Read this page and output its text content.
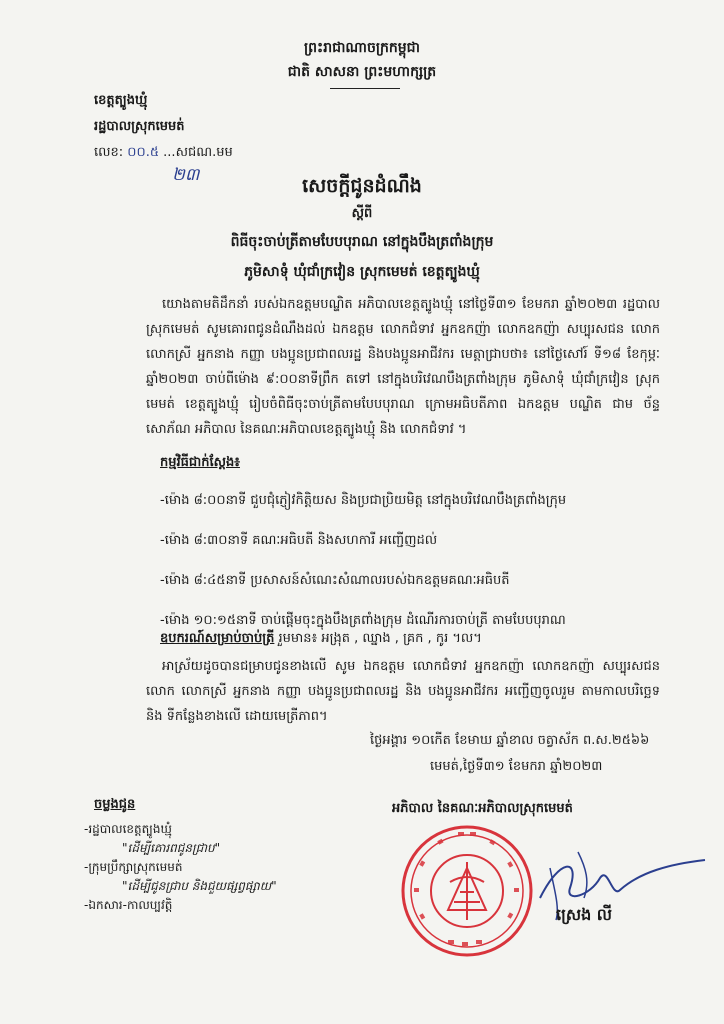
ព្រះរាជាណាចក្រកម្ពុជា
ជាតិ សាសនា ព្រះមហាក្សត្រ
ខេត្តត្បូងឃ្មុំ
រដ្ឋបាលស្រុកមេមត់
លេខ: ០០.៥ ...សជណ.មម
២៣	សេចក្តីជូនដំណឹង
ស្តីពី
ពិធីចុះចាប់ត្រីតាមបែបបុរាណ នៅក្នុងបឹងត្រពាំងក្រុម
ភូមិសាទុំ ឃុំជាំក្រវៀន ស្រុកមេមត់ ខេត្តត្បូងឃ្មុំ
យោងតាមតិដឹកនាំ របស់ឯកឧត្តមបណ្ឌិត អភិបាលខេត្តត្បូងឃ្មុំ នៅថ្ងៃទី៣១ ខែមករា ឆ្នាំ២០២៣ រដ្ឋបាលស្រុកមេមត់ សូមគោរពជូនដំណឹងដល់ ឯកឧត្តម លោកជំទាវ អ្នកឧកញ៉ា លោកឧកញ៉ា សប្បុរសជន លោក លោកស្រី អ្នកនាង កញ្ញា បងប្អូនប្រជាពលរដ្ឋ និងបងប្អូនអាជីវករ មេត្តាជ្រាបថា៖ នៅថ្ងៃសៅរ៍ ទី១៨ ខែកុម្ភៈ ឆ្នាំ២០២៣ ចាប់ពីម៉ោង ៩:០០នាទីព្រឹក តទៅ នៅក្នុងបរិវេណបឹងត្រពាំងក្រុម ភូមិសាទុំ ឃុំជាំក្រវៀន ស្រុកមេមត់ ខេត្តត្បូងឃ្មុំ រៀបចំពិធីចុះចាប់ត្រីតាមបែបបុរាណ ក្រោមអធិបតីភាព ឯកឧត្តម បណ្ឌិត ជាម ច័ន្ទសោភ័ណ អភិបាល នៃគណៈអភិបាលខេត្តត្បូងឃ្មុំ និង លោកជំទាវ ។
កម្មវិធីជាក់ស្តែង៖
-ម៉ោង ៨:០០នាទី ជួបជុំភ្ញៀវកិត្តិយស និងប្រជាប្រិយមិត្ត នៅក្នុងបរិវេណបឹងត្រពាំងក្រុម
-ម៉ោង ៨:៣០នាទី គណៈអធិបតី និងសហការី អញ្ជើញដល់
-ម៉ោង ៨:៤៥នាទី ប្រសាសន៍សំណេះសំណាលរបស់ឯកឧត្តមគណៈអធិបតី
-ម៉ោង ១០:១៥នាទី ចាប់ផ្តើមចុះក្នុងបឹងត្រពាំងក្រុម ដំណើរការចាប់ត្រី តាមបែបបុរាណ
ឧបករណ៍សម្រាប់ចាប់ត្រី រួមមាន៖ អង្រុត , ឈ្នាង , គ្រក , កូរ ។ល។
អាស្រ័យដូចបានជម្រាបជូនខាងលើ សូម ឯកឧត្តម លោកជំទាវ អ្នកឧកញ៉ា លោកឧកញ៉ា សប្បុរសជន លោក លោកស្រី អ្នកនាង កញ្ញា បងប្អូនប្រជាពលរដ្ឋ និង បងប្អូនអាជីវករ អញ្ជើញចូលរួម តាមកាលបរិច្ឆេទ និង ទីកន្លែងខាងលើ ដោយមេត្រីភាព។
ថ្ងៃអង្គារ ១០កើត ខែមាឃ ឆ្នាំខាល ចត្វាស័ក ព.ស.២៥៦៦
មេមត់,ថ្ងៃទី៣១ ខែមករា ឆ្នាំ២០២៣
ចម្លងជូន
-រដ្ឋបាលខេត្តត្បូងឃ្មុំ
"ដើម្បីគោរពជូនជ្រាប"
-ក្រុមប្រឹក្សាស្រុកមេមត់
"ដើម្បីជូនជ្រាប និងជួយផ្សព្វផ្សាយ"
-ឯកសារ-កាលប្បវត្តិ
អភិបាល នៃគណៈអភិបាលស្រុកមេមត់
ស្រេង លី
